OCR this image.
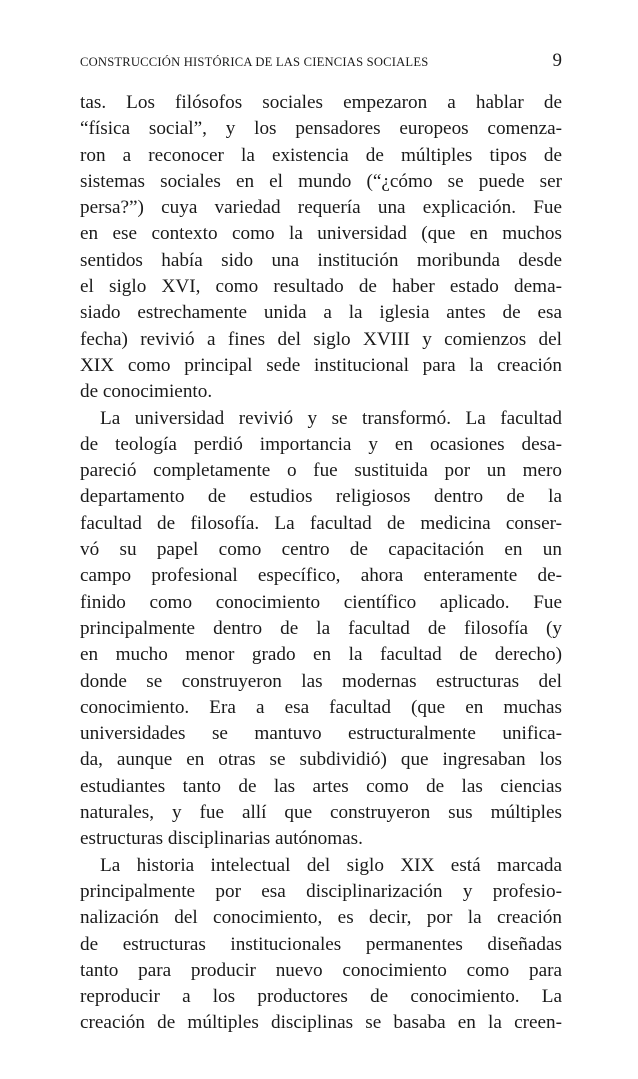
CONSTRUCCIÓN HISTÓRICA DE LAS CIENCIAS SOCIALES	9
tas. Los filósofos sociales empezaron a hablar de
“física social”, y los pensadores europeos comenza-
ron a reconocer la existencia de múltiples tipos de
sistemas sociales en el mundo (“¿cómo se puede ser
persa?”) cuya variedad requería una explicación. Fue
en ese contexto como la universidad (que en muchos
sentidos había sido una institución moribunda desde
el siglo XVI, como resultado de haber estado dema-
siado estrechamente unida a la iglesia antes de esa
fecha) revivió a fines del siglo XVIII y comienzos del
XIX como principal sede institucional para la creación
de conocimiento.
La universidad revivió y se transformó. La facultad
de teología perdió importancia y en ocasiones desa-
pareció completamente o fue sustituida por un mero
departamento de estudios religiosos dentro de la
facultad de filosofía. La facultad de medicina conser-
vó su papel como centro de capacitación en un
campo profesional específico, ahora enteramente de-
finido como conocimiento científico aplicado. Fue
principalmente dentro de la facultad de filosofía (y
en mucho menor grado en la facultad de derecho)
donde se construyeron las modernas estructuras del
conocimiento. Era a esa facultad (que en muchas
universidades se mantuvo estructuralmente unifica-
da, aunque en otras se subdividió) que ingresaban los
estudiantes tanto de las artes como de las ciencias
naturales, y fue allí que construyeron sus múltiples
estructuras disciplinarias autónomas.
La historia intelectual del siglo XIX está marcada
principalmente por esa disciplinarización y profesio-
nalización del conocimiento, es decir, por la creación
de estructuras institucionales permanentes diseñadas
tanto para producir nuevo conocimiento como para
reproducir a los productores de conocimiento. La
creación de múltiples disciplinas se basaba en la creen-
